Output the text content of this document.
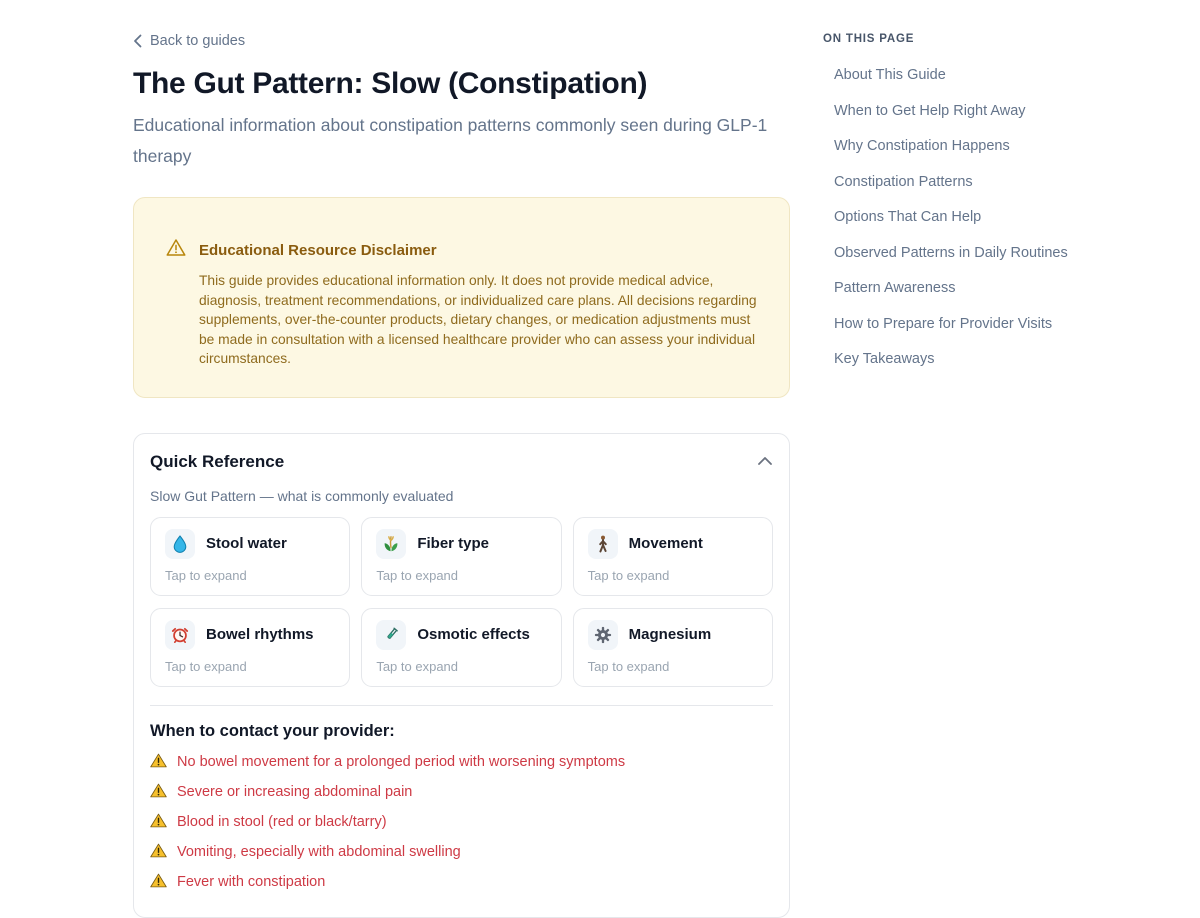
Back to guides
The Gut Pattern: Slow (Constipation)
Educational information about constipation patterns commonly seen during GLP-1 therapy
Educational Resource Disclaimer
This guide provides educational information only. It does not provide medical advice, diagnosis, treatment recommendations, or individualized care plans. All decisions regarding supplements, over-the-counter products, dietary changes, or medication adjustments must be made in consultation with a licensed healthcare provider who can assess your individual circumstances.
Quick Reference
Slow Gut Pattern — what is commonly evaluated
Stool water
Tap to expand
Fiber type
Tap to expand
Movement
Tap to expand
Bowel rhythms
Tap to expand
Osmotic effects
Tap to expand
Magnesium
Tap to expand
When to contact your provider:
No bowel movement for a prolonged period with worsening symptoms
Severe or increasing abdominal pain
Blood in stool (red or black/tarry)
Vomiting, especially with abdominal swelling
Fever with constipation
ON THIS PAGE
About This Guide
When to Get Help Right Away
Why Constipation Happens
Constipation Patterns
Options That Can Help
Observed Patterns in Daily Routines
Pattern Awareness
How to Prepare for Provider Visits
Key Takeaways
